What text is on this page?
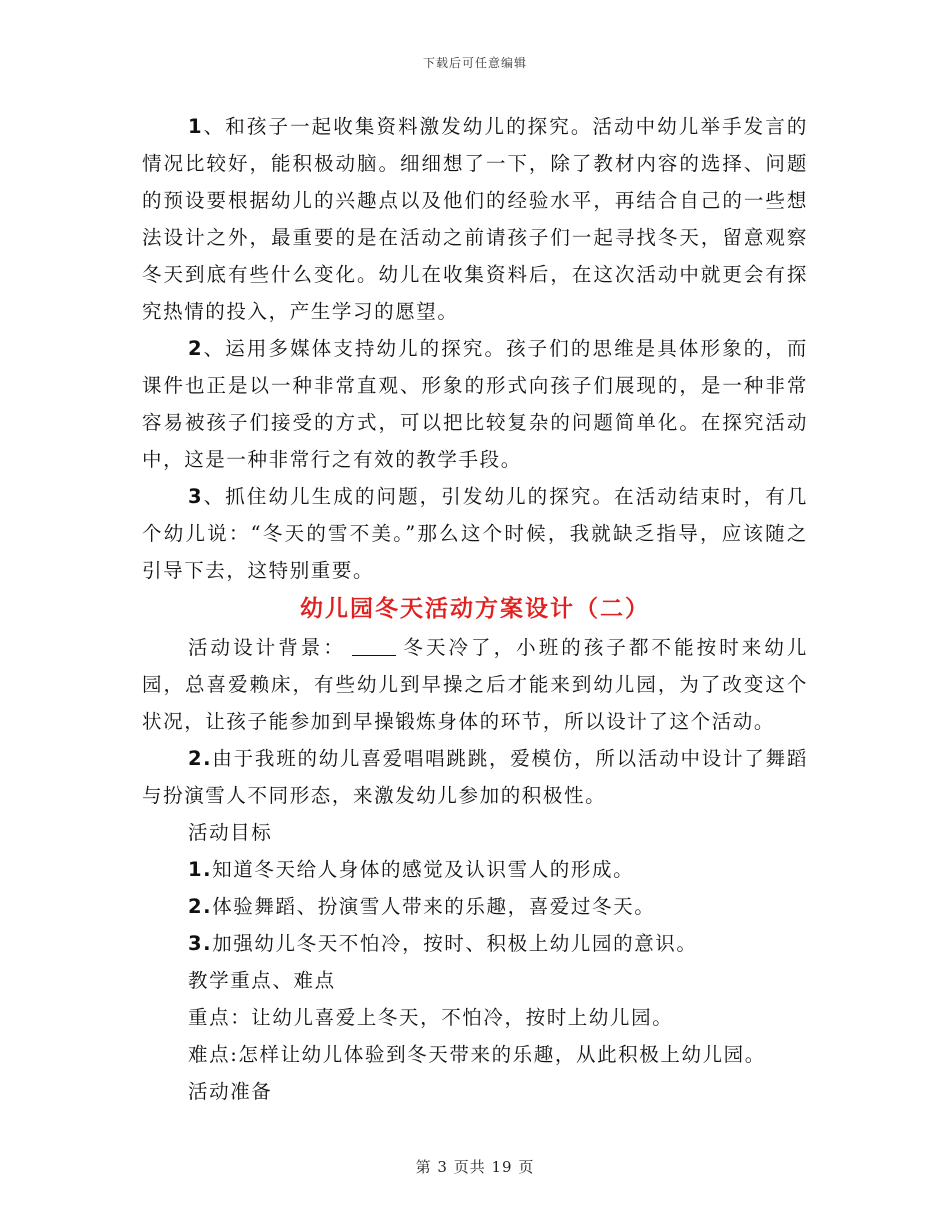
下载后可任意编辑

1、和孩子一起收集资料激发幼儿的探究。活动中幼儿举手发言的情况比较好，能积极动脑。细细想了一下，除了教材内容的选择、问题的预设要根据幼儿的兴趣点以及他们的经验水平，再结合自己的一些想法设计之外，最重要的是在活动之前请孩子们一起寻找冬天，留意观察冬天到底有些什么变化。幼儿在收集资料后，在这次活动中就更会有探究热情的投入，产生学习的愿望。

2、运用多媒体支持幼儿的探究。孩子们的思维是具体形象的，而课件也正是以一种非常直观、形象的形式向孩子们展现的，是一种非常容易被孩子们接受的方式，可以把比较复杂的问题简单化。在探究活动中，这是一种非常行之有效的教学手段。

3、抓住幼儿生成的问题，引发幼儿的探究。在活动结束时，有几个幼儿说：“冬天的雪不美。”那么这个时候，我就缺乏指导，应该随之引导下去，这特别重要。

幼儿园冬天活动方案设计（二）

活动设计背景：	冬天冷了，小班的孩子都不能按时来幼儿园，总喜爱赖床，有些幼儿到早操之后才能来到幼儿园，为了改变这个状况，让孩子能参加到早操锻炼身体的环节，所以设计了这个活动。

2.由于我班的幼儿喜爱唱唱跳跳，爱模仿，所以活动中设计了舞蹈与扮演雪人不同形态，来激发幼儿参加的积极性。

活动目标

1.知道冬天给人身体的感觉及认识雪人的形成。

2.体验舞蹈、扮演雪人带来的乐趣，喜爱过冬天。

3.加强幼儿冬天不怕冷，按时、积极上幼儿园的意识。

教学重点、难点

重点：让幼儿喜爱上冬天，不怕冷，按时上幼儿园。

难点:怎样让幼儿体验到冬天带来的乐趣，从此积极上幼儿园。

活动准备

第 3 页共 19 页
